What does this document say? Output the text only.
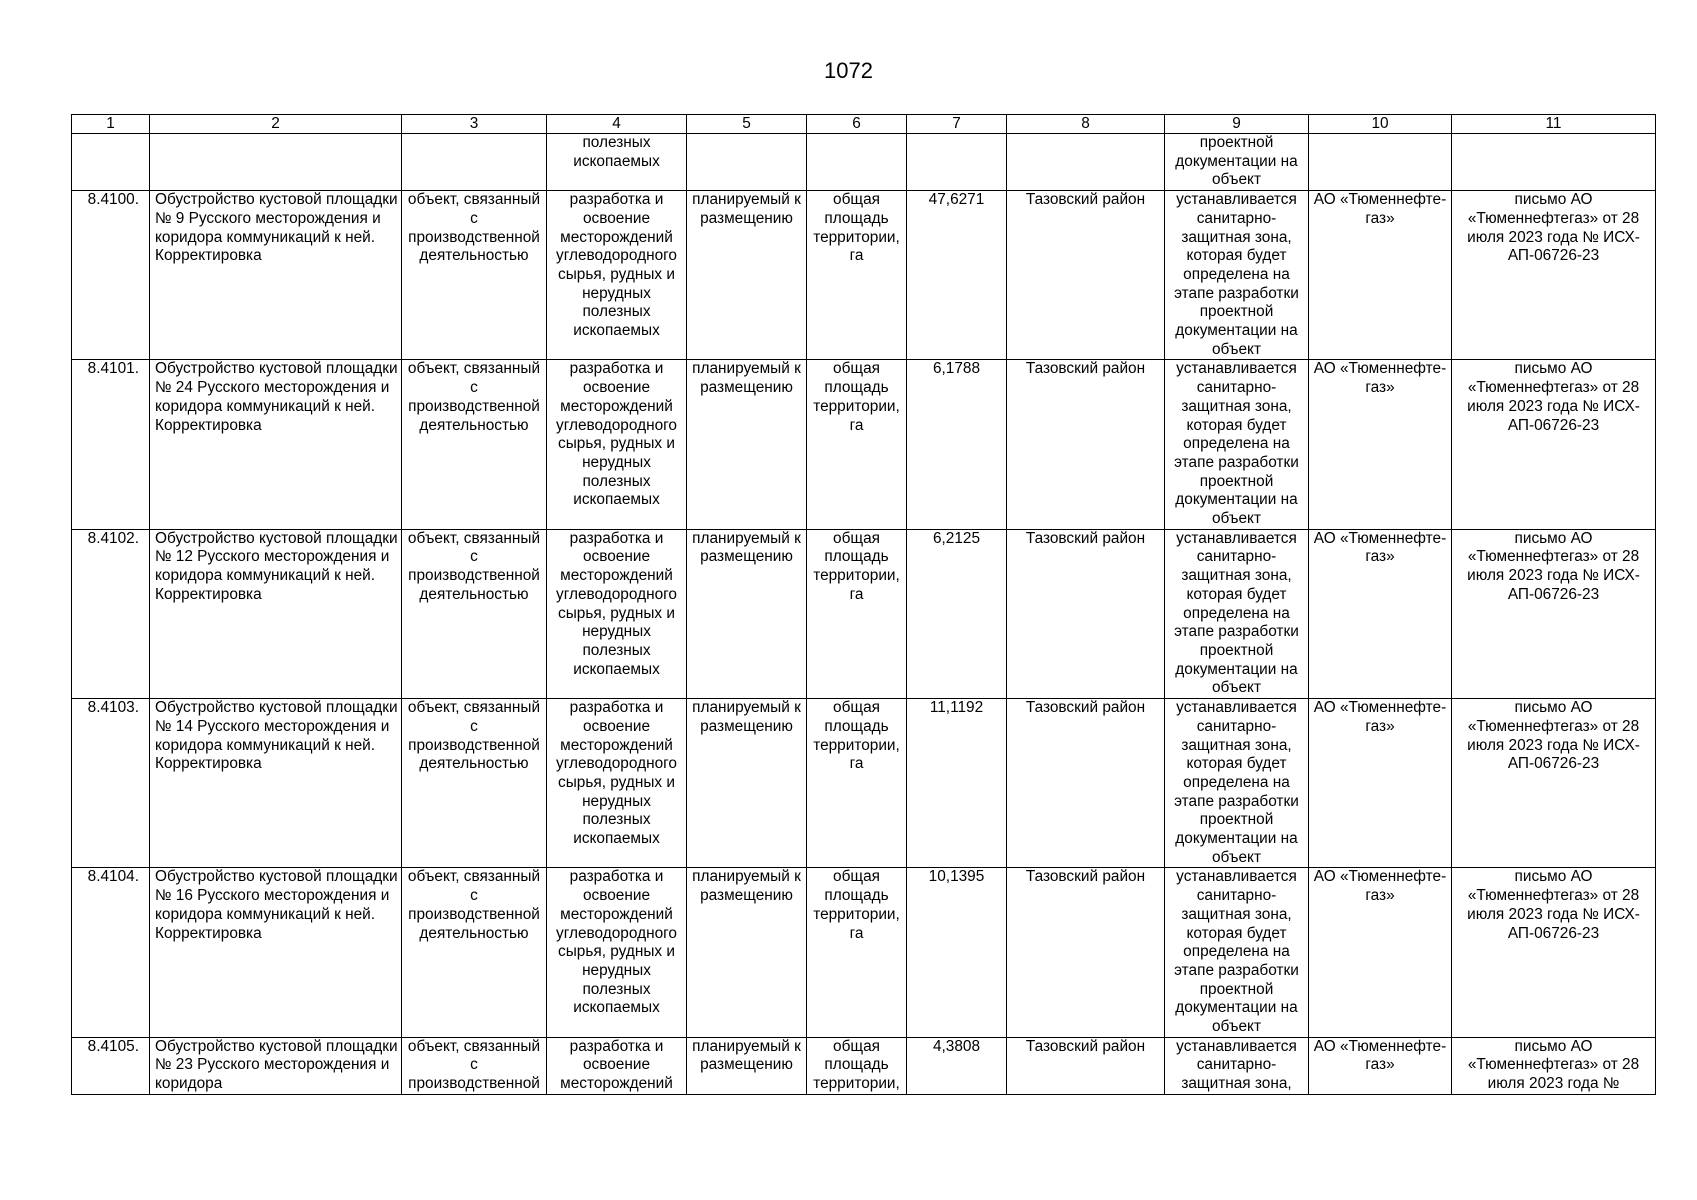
1072
1	2	3	4	5	6	7	8	9	10	11
			полезных ископаемых					проектной документации на объект		
8.4100.	Обустройство кустовой площадки № 9 Русского месторождения и коридора коммуникаций к ней. Корректировка	объект, связанный с производственной деятельностью	разработка и освоение месторождений углеводородного сырья, рудных и нерудных полезных ископаемых	планируемый к размещению	общая площадь территории, га	47,6271	Тазовский район	устанавливается санитарно-защитная зона, которая будет определена на этапе разработки проектной документации на объект	АО «Тюменнефте-газ»	письмо АО «Тюменнефтегаз» от 28 июля 2023 года № ИСХ-АП-06726-23
8.4101.	Обустройство кустовой площадки № 24 Русского месторождения и коридора коммуникаций к ней. Корректировка	объект, связанный с производственной деятельностью	разработка и освоение месторождений углеводородного сырья, рудных и нерудных полезных ископаемых	планируемый к размещению	общая площадь территории, га	6,1788	Тазовский район	устанавливается санитарно-защитная зона, которая будет определена на этапе разработки проектной документации на объект	АО «Тюменнефте-газ»	письмо АО «Тюменнефтегаз» от 28 июля 2023 года № ИСХ-АП-06726-23
8.4102.	Обустройство кустовой площадки № 12 Русского месторождения и коридора коммуникаций к ней. Корректировка	объект, связанный с производственной деятельностью	разработка и освоение месторождений углеводородного сырья, рудных и нерудных полезных ископаемых	планируемый к размещению	общая площадь территории, га	6,2125	Тазовский район	устанавливается санитарно-защитная зона, которая будет определена на этапе разработки проектной документации на объект	АО «Тюменнефте-газ»	письмо АО «Тюменнефтегаз» от 28 июля 2023 года № ИСХ-АП-06726-23
8.4103.	Обустройство кустовой площадки № 14 Русского месторождения и коридора коммуникаций к ней. Корректировка	объект, связанный с производственной деятельностью	разработка и освоение месторождений углеводородного сырья, рудных и нерудных полезных ископаемых	планируемый к размещению	общая площадь территории, га	11,1192	Тазовский район	устанавливается санитарно-защитная зона, которая будет определена на этапе разработки проектной документации на объект	АО «Тюменнефте-газ»	письмо АО «Тюменнефтегаз» от 28 июля 2023 года № ИСХ-АП-06726-23
8.4104.	Обустройство кустовой площадки № 16 Русского месторождения и коридора коммуникаций к ней. Корректировка	объект, связанный с производственной деятельностью	разработка и освоение месторождений углеводородного сырья, рудных и нерудных полезных ископаемых	планируемый к размещению	общая площадь территории, га	10,1395	Тазовский район	устанавливается санитарно-защитная зона, которая будет определена на этапе разработки проектной документации на объект	АО «Тюменнефте-газ»	письмо АО «Тюменнефтегаз» от 28 июля 2023 года № ИСХ-АП-06726-23
8.4105.	Обустройство кустовой площадки № 23 Русского месторождения и коридора	объект, связанный с производственной	разработка и освоение месторождений	планируемый к размещению	общая площадь территории,	4,3808	Тазовский район	устанавливается санитарно-защитная зона,	АО «Тюменнефте-газ»	письмо АО «Тюменнефтегаз» от 28 июля 2023 года №
